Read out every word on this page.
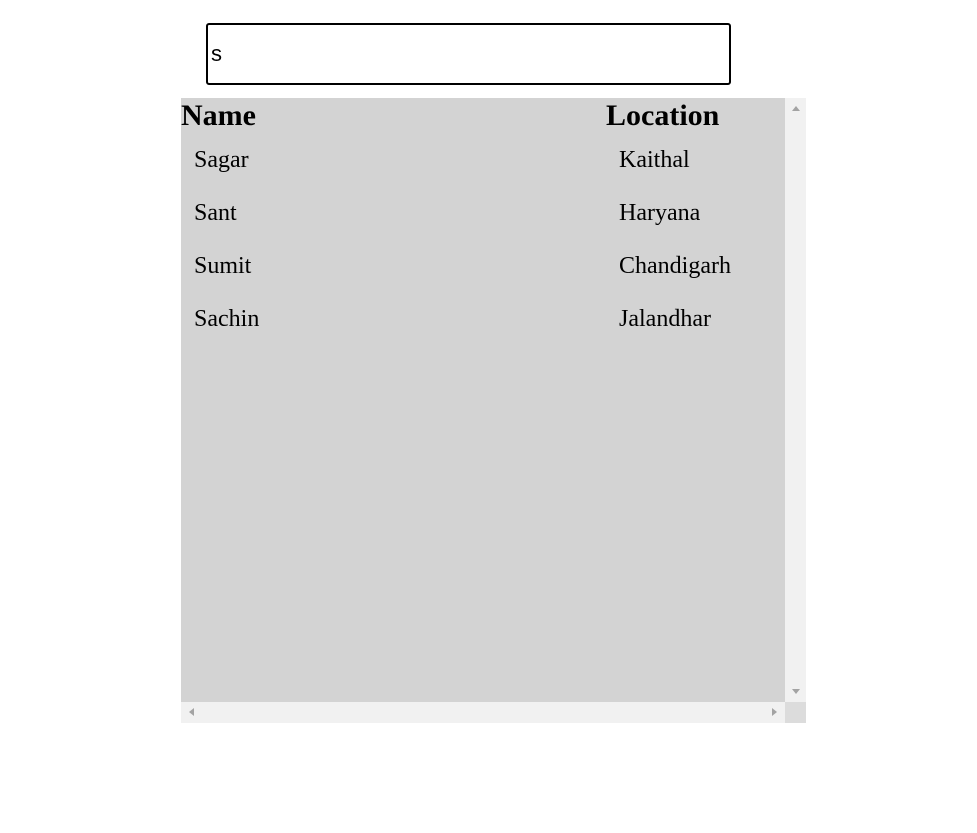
s
Name	Location
Sagar	Kaithal
Sant	Haryana
Sumit	Chandigarh
Sachin	Jalandhar
